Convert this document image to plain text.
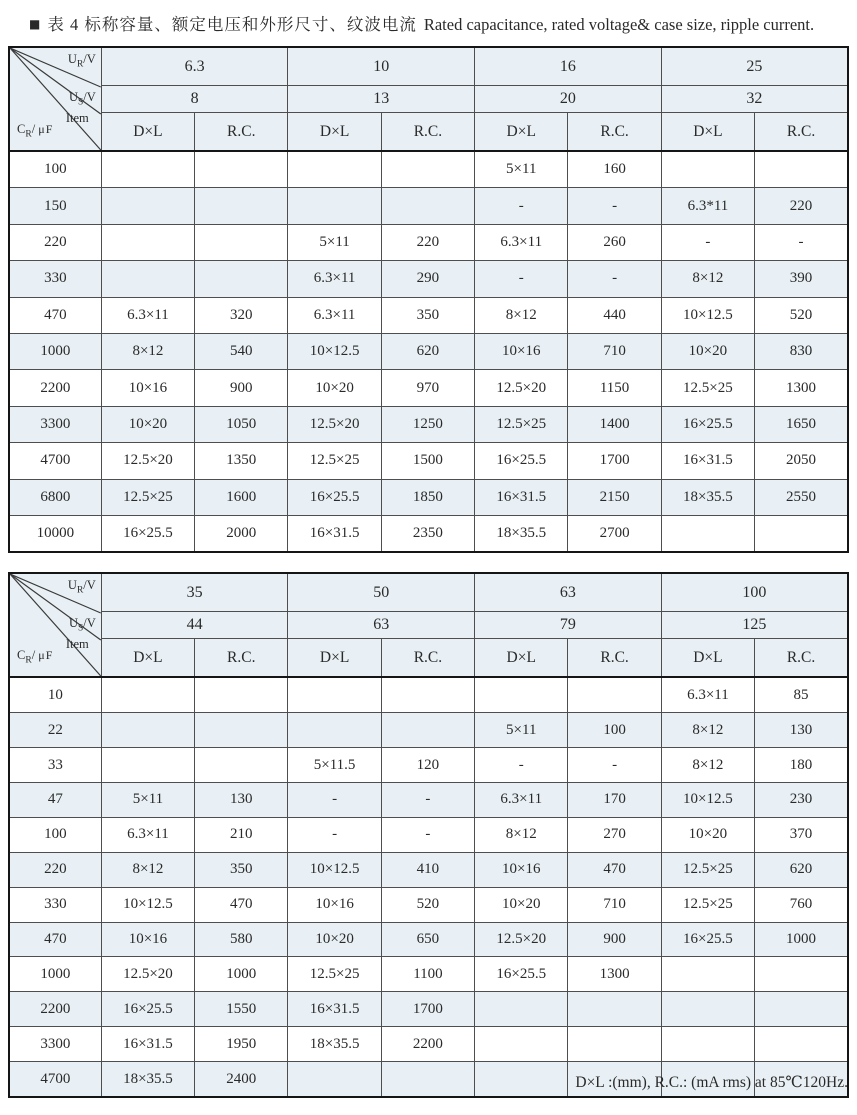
■ 表 4 标称容量、额定电压和外形尺寸、纹波电流 Rated capacitance, rated voltage& case size, ripple current.
$U_R/V$
$U_S/V$
Item
$C_R/$ μF	6.3		10		16		25	
	8		13		20		32	
	D×L	R.C.	D×L	R.C.	D×L	R.C.	D×L	R.C.
100					5×11	160		
150					-	-	6.3*11	220
220			5×11	220	6.3×11	260	-	-
330			6.3×11	290	-	-	8×12	390
470	6.3×11	320	6.3×11	350	8×12	440	10×12.5	520
1000	8×12	540	10×12.5	620	10×16	710	10×20	830
2200	10×16	900	10×20	970	12.5×20	1150	12.5×25	1300
3300	10×20	1050	12.5×20	1250	12.5×25	1400	16×25.5	1650
4700	12.5×20	1350	12.5×25	1500	16×25.5	1700	16×31.5	2050
6800	12.5×25	1600	16×25.5	1850	16×31.5	2150	18×35.5	2550
10000	16×25.5	2000	16×31.5	2350	18×35.5	2700		
$U_R/V$
$U_S/V$
Item
$C_R/$ μF	35		50		63		100	
	44		63		79		125	
	D×L	R.C.	D×L	R.C.	D×L	R.C.	D×L	R.C.
10							6.3×11	85
22					5×11	100	8×12	130
33			5×11.5	120	-	-	8×12	180
47	5×11	130	-	-	6.3×11	170	10×12.5	230
100	6.3×11	210	-	-	8×12	270	10×20	370
220	8×12	350	10×12.5	410	10×16	470	12.5×25	620
330	10×12.5	470	10×16	520	10×20	710	12.5×25	760
470	10×16	580	10×20	650	12.5×20	900	16×25.5	1000
1000	12.5×20	1000	12.5×25	1100	16×25.5	1300		
2200	16×25.5	1550	16×31.5	1700				
3300	16×31.5	1950	18×35.5	2200				
4700	18×35.5	2400							D×L :(mm), R.C.: (mA rms) at 85℃120Hz.
